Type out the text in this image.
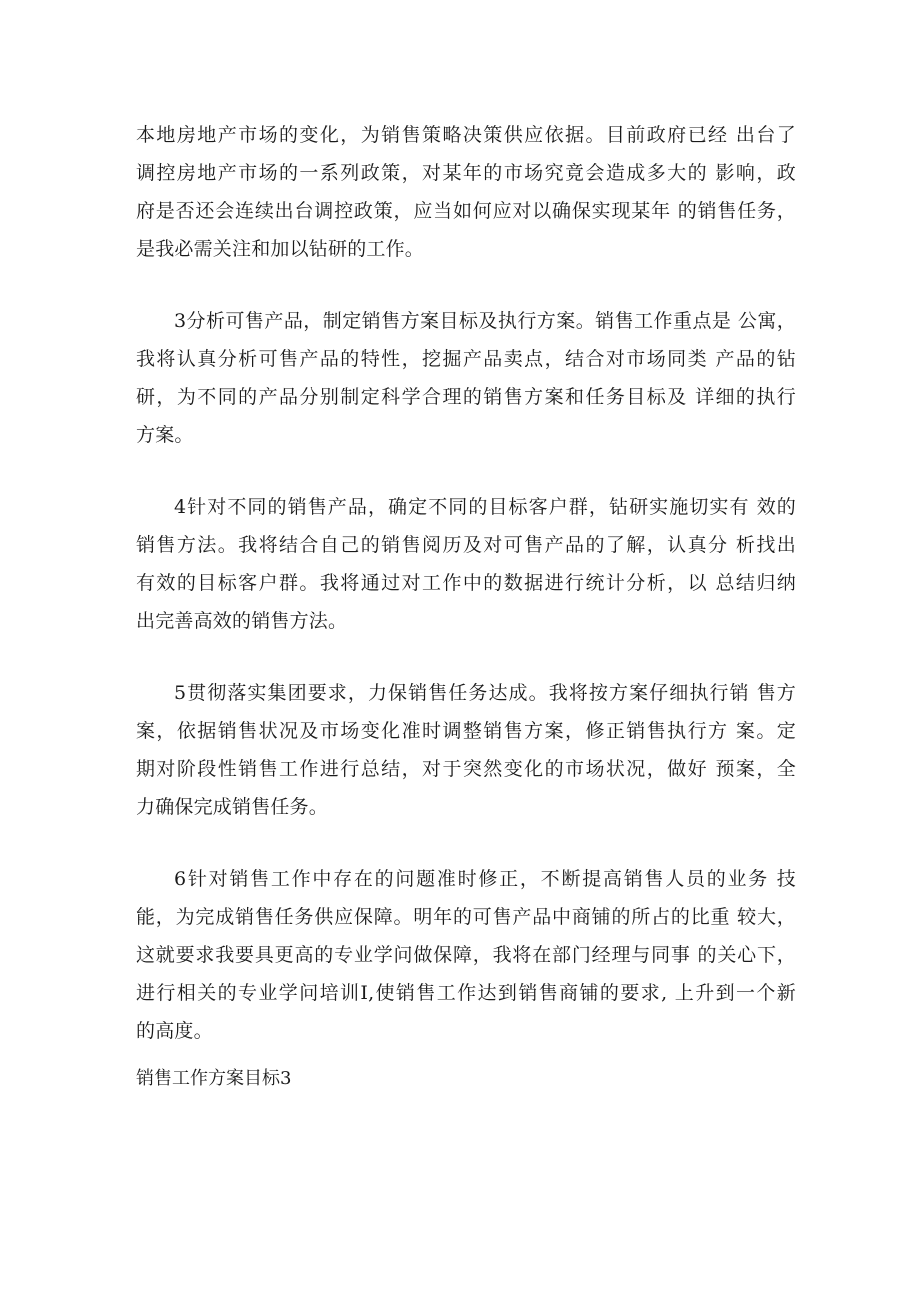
本地房地产市场的变化，为销售策略决策供应依据。目前政府已经 出台了
调控房地产市场的一系列政策，对某年的市场究竟会造成多大的 影响，政
府是否还会连续出台调控政策，应当如何应对以确保实现某年 的销售任务，
是我必需关注和加以钻研的工作。
3分析可售产品，制定销售方案目标及执行方案。销售工作重点是 公寓，
我将认真分析可售产品的特性，挖掘产品卖点，结合对市场同类 产品的钻
研，为不同的产品分别制定科学合理的销售方案和任务目标及 详细的执行
方案。
4针对不同的销售产品，确定不同的目标客户群，钻研实施切实有 效的
销售方法。我将结合自己的销售阅历及对可售产品的了解，认真分 析找出
有效的目标客户群。我将通过对工作中的数据进行统计分析，以 总结归纳
出完善高效的销售方法。
5贯彻落实集团要求，力保销售任务达成。我将按方案仔细执行销 售方
案，依据销售状况及市场变化准时调整销售方案，修正销售执行方 案。定
期对阶段性销售工作进行总结，对于突然变化的市场状况，做好 预案，全
力确保完成销售任务。
6针对销售工作中存在的问题准时修正，不断提高销售人员的业务 技
能，为完成销售任务供应保障。明年的可售产品中商铺的所占的比重 较大，
这就要求我要具更高的专业学问做保障，我将在部门经理与同事 的关心下，
进行相关的专业学问培训I,使销售工作达到销售商铺的要求, 上升到一个新
的高度。
销售工作方案目标3
